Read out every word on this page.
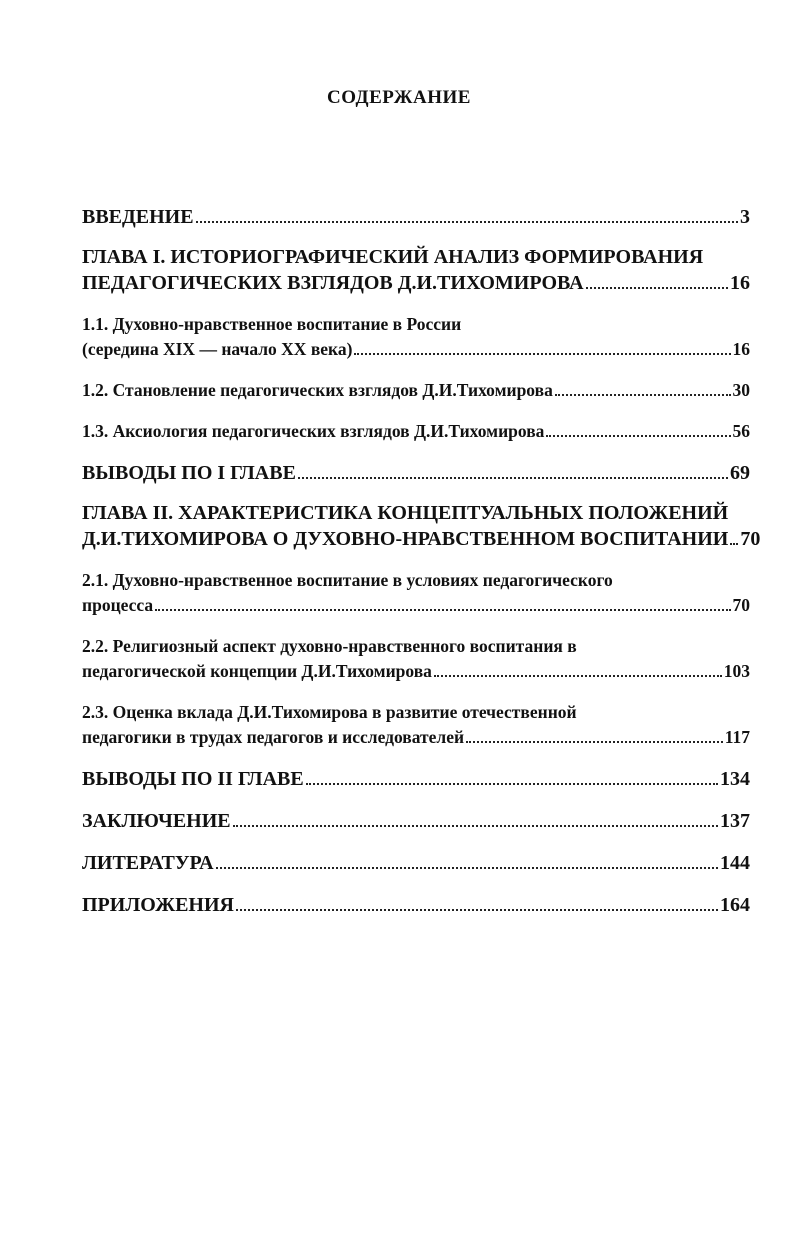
СОДЕРЖАНИЕ
ВВЕДЕНИЕ	3
ГЛАВА I. ИСТОРИОГРАФИЧЕСКИЙ АНАЛИЗ ФОРМИРОВАНИЯ
ПЕДАГОГИЧЕСКИХ ВЗГЛЯДОВ Д.И.ТИХОМИРОВА	16
1.1. Духовно-нравственное воспитание в России
(середина XIX — начало XX века)	16
1.2. Становление педагогических взглядов Д.И.Тихомирова	30
1.3. Аксиология педагогических взглядов Д.И.Тихомирова	56
ВЫВОДЫ ПО I ГЛАВЕ	69
ГЛАВА II. ХАРАКТЕРИСТИКА КОНЦЕПТУАЛЬНЫХ ПОЛОЖЕНИЙ
Д.И.ТИХОМИРОВА О ДУХОВНО-НРАВСТВЕННОМ ВОСПИТАНИИ 70
2.1. Духовно-нравственное воспитание в условиях педагогического
процесса	70
2.2. Религиозный аспект духовно-нравственного воспитания в
педагогической концепции Д.И.Тихомирова	103
2.3. Оценка вклада Д.И.Тихомирова в развитие отечественной
педагогики в трудах педагогов и исследователей	117
ВЫВОДЫ ПО II ГЛАВЕ	134
ЗАКЛЮЧЕНИЕ	137
ЛИТЕРАТУРА	144
ПРИЛОЖЕНИЯ	164
